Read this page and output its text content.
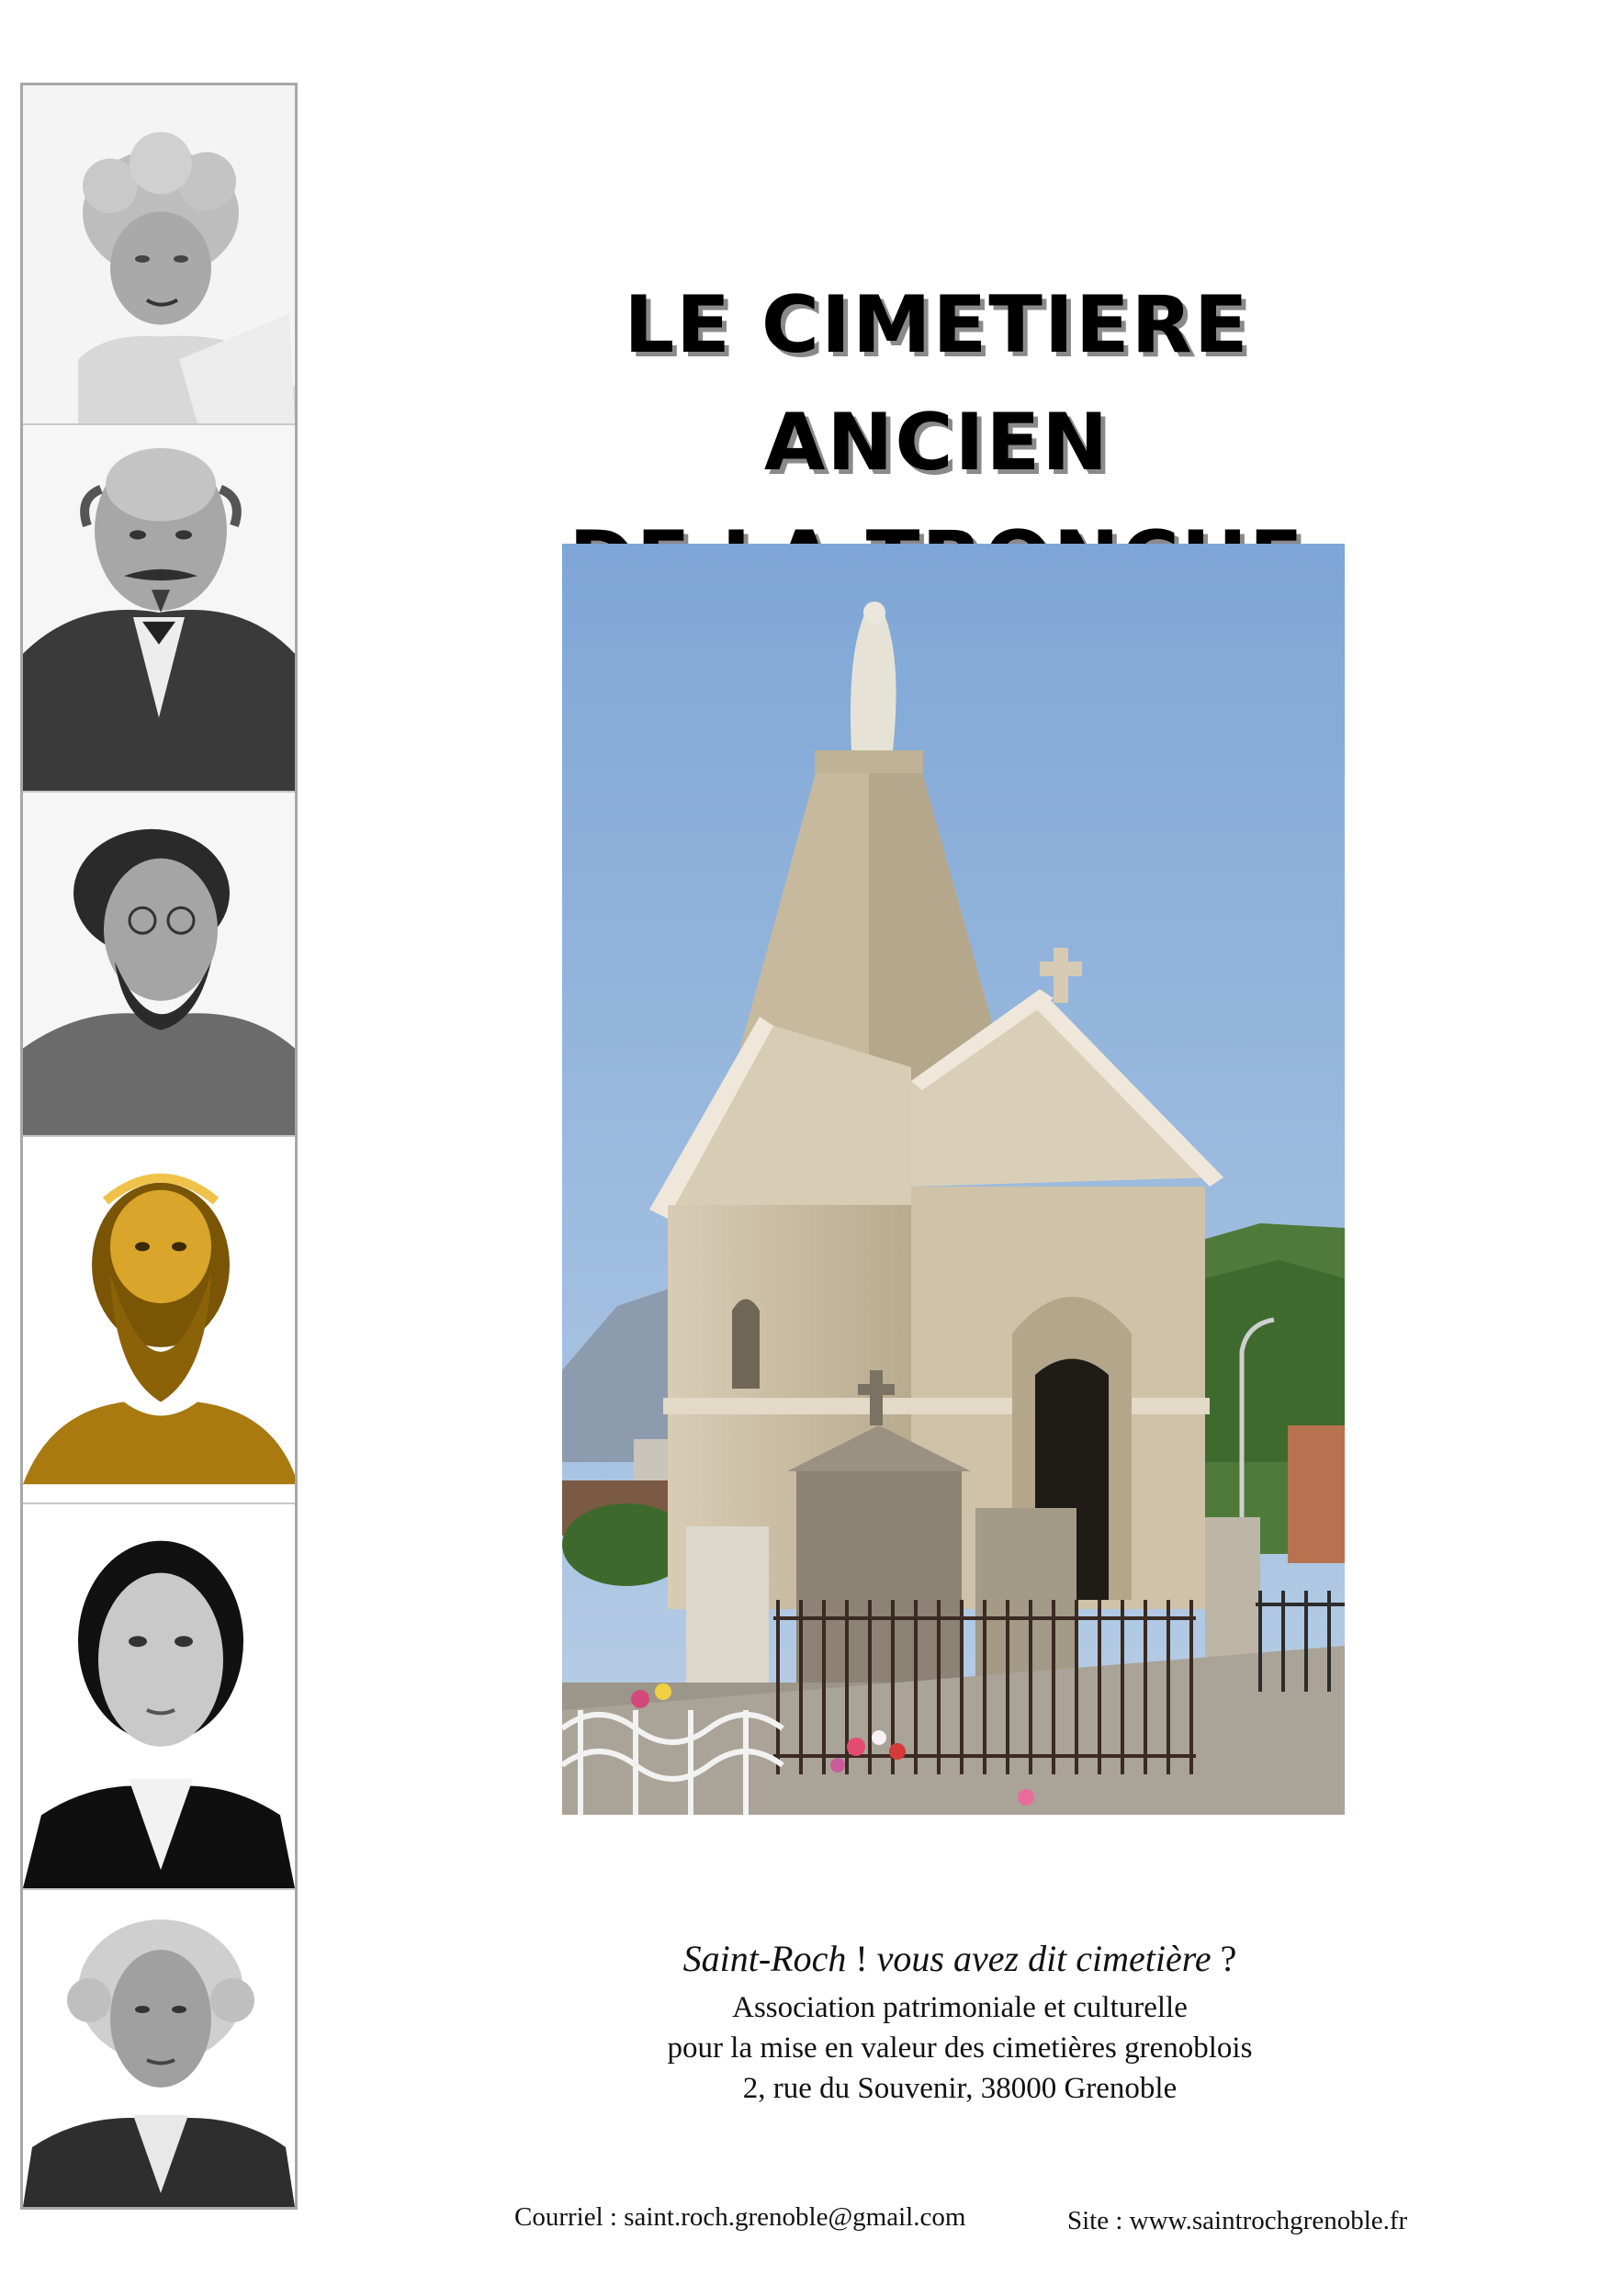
LE CIMETIERE ANCIEN
Saint-Roch ! vous avez dit cimetière ?
Association patrimoniale et culturelle
pour la mise en valeur des cimetières grenoblois
2, rue du Souvenir, 38000 Grenoble
Courriel : saint.roch.grenoble@gmail.com	Site : www.saintrochgrenoble.fr
